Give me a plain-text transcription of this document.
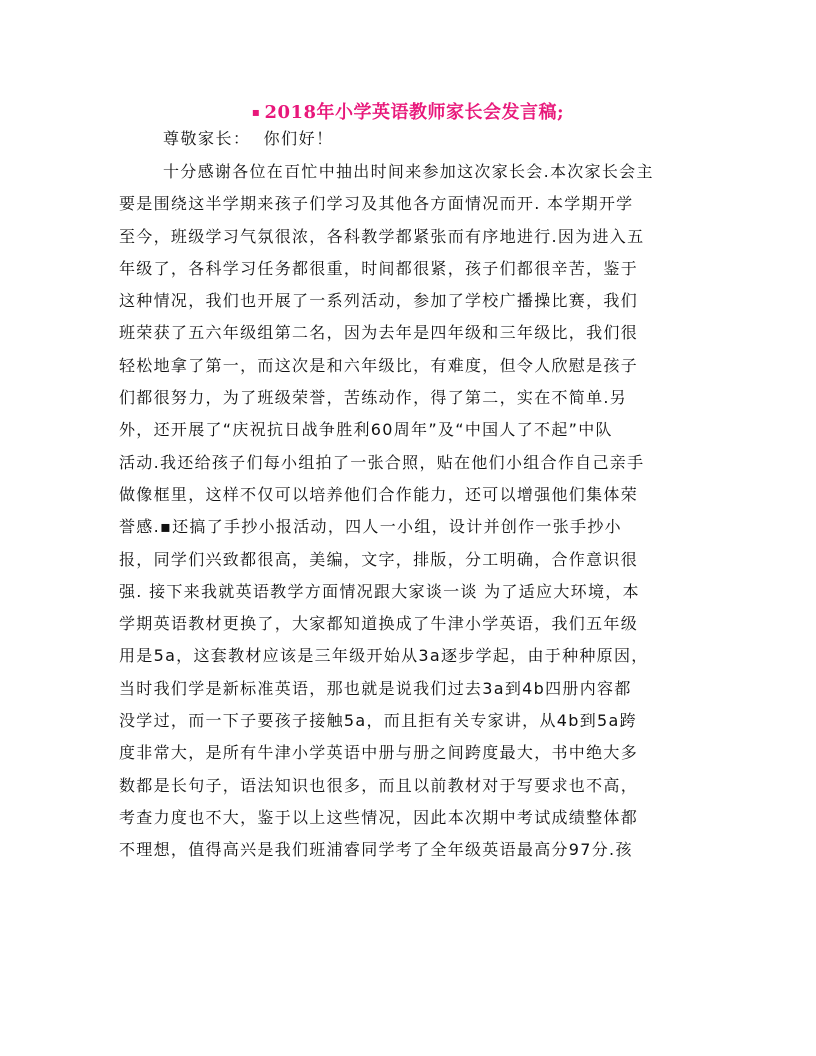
▪ 2018年小学英语教师家长会发言稿;
尊敬家长：  你们好！
十分感谢各位在百忙中抽出时间来参加这次家长会.本次家长会主
要是围绕这半学期来孩子们学习及其他各方面情况而开. 本学期开学
至今，班级学习气氛很浓，各科教学都紧张而有序地进行.因为进入五
年级了，各科学习任务都很重，时间都很紧，孩子们都很辛苦，鉴于
这种情况，我们也开展了一系列活动，参加了学校广播操比赛，我们
班荣获了五六年级组第二名，因为去年是四年级和三年级比，我们很
轻松地拿了第一，而这次是和六年级比，有难度，但令人欣慰是孩子
们都很努力，为了班级荣誉，苦练动作，得了第二，实在不简单.另
外，还开展了“庆祝抗日战争胜利60周年”及“中国人了不起”中队
活动.我还给孩子们每小组拍了一张合照，贴在他们小组合作自己亲手
做像框里，这样不仅可以培养他们合作能力，还可以增强他们集体荣
誉感.▪还搞了手抄小报活动，四人一小组，设计并创作一张手抄小
报，同学们兴致都很高，美编，文字，排版，分工明确，合作意识很
强. 接下来我就英语教学方面情况跟大家谈一谈 为了适应大环境，本
学期英语教材更换了，大家都知道换成了牛津小学英语，我们五年级
用是5a，这套教材应该是三年级开始从3a逐步学起，由于种种原因，
当时我们学是新标准英语，那也就是说我们过去3a到4b四册内容都
没学过，而一下子要孩子接触5a，而且拒有关专家讲，从4b到5a跨
度非常大，是所有牛津小学英语中册与册之间跨度最大，书中绝大多
数都是长句子，语法知识也很多，而且以前教材对于写要求也不高，
考查力度也不大，鉴于以上这些情况，因此本次期中考试成绩整体都
不理想，值得高兴是我们班浦睿同学考了全年级英语最高分97分.孩
